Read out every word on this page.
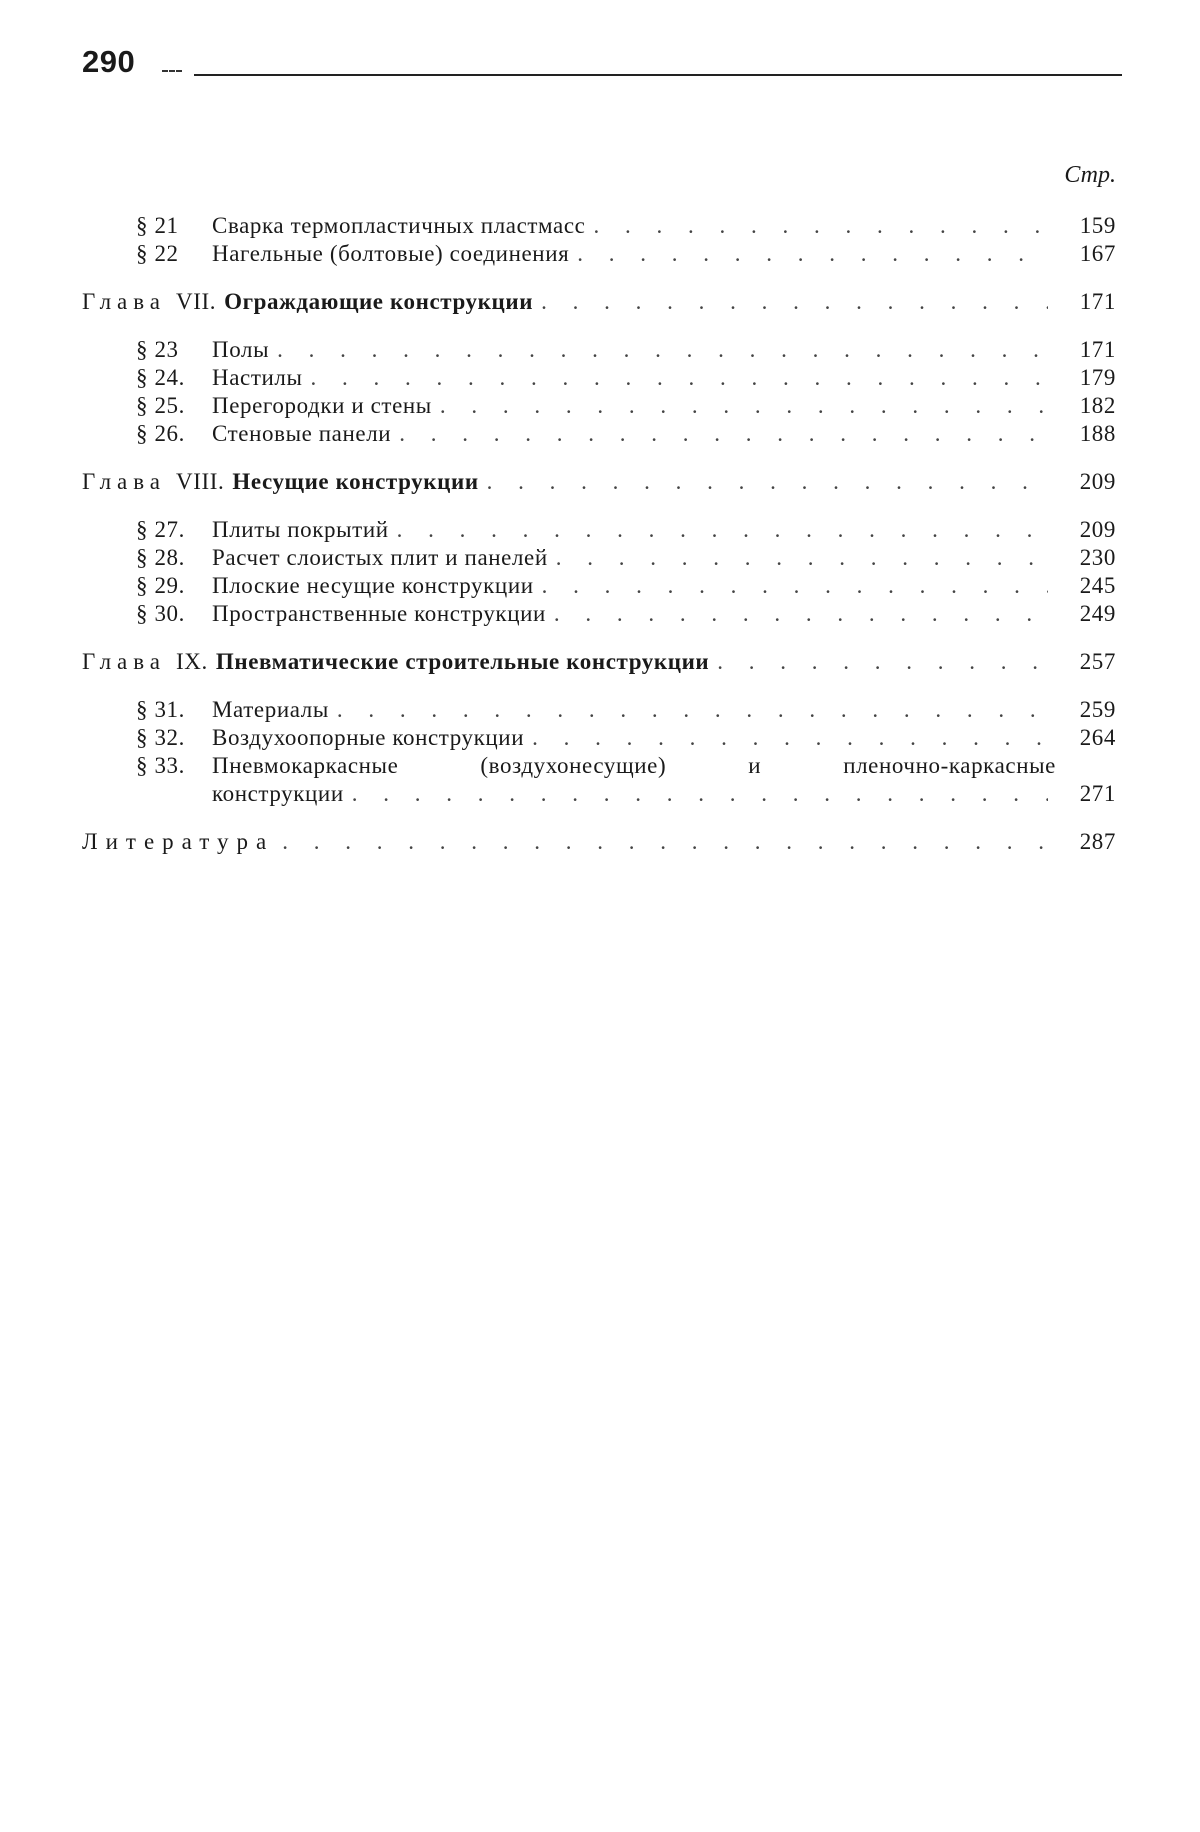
290
Стр.
§ 21	Сварка термопластичных пластмасс . . .	159
§ 22	Нагельные (болтовые) соединения . . .	167
Глава VII. Ограждающие конструкции . . .	171
§ 23	Полы . . .	171
§ 24.	Настилы . . .	179
§ 25.	Перегородки и стены . . .	182
§ 26.	Стеновые панели . . .	188
Глава VIII. Несущие конструкции . . .	209
§ 27.	Плиты покрытий . . .	209
§ 28.	Расчет слоистых плит и панелей . . .	230
§ 29.	Плоские несущие конструкции . . .	245
§ 30.	Пространственные конструкции . . .	249
Глава IX. Пневматические строительные конструкции . . .	257
§ 31.	Материалы . . .	259
§ 32.	Воздухоопорные конструкции . . .	264
§ 33.	Пневмокаркасные (воздухонесущие) и пленочно-каркасные
конструкции . . .	271
Литература . . .	287
